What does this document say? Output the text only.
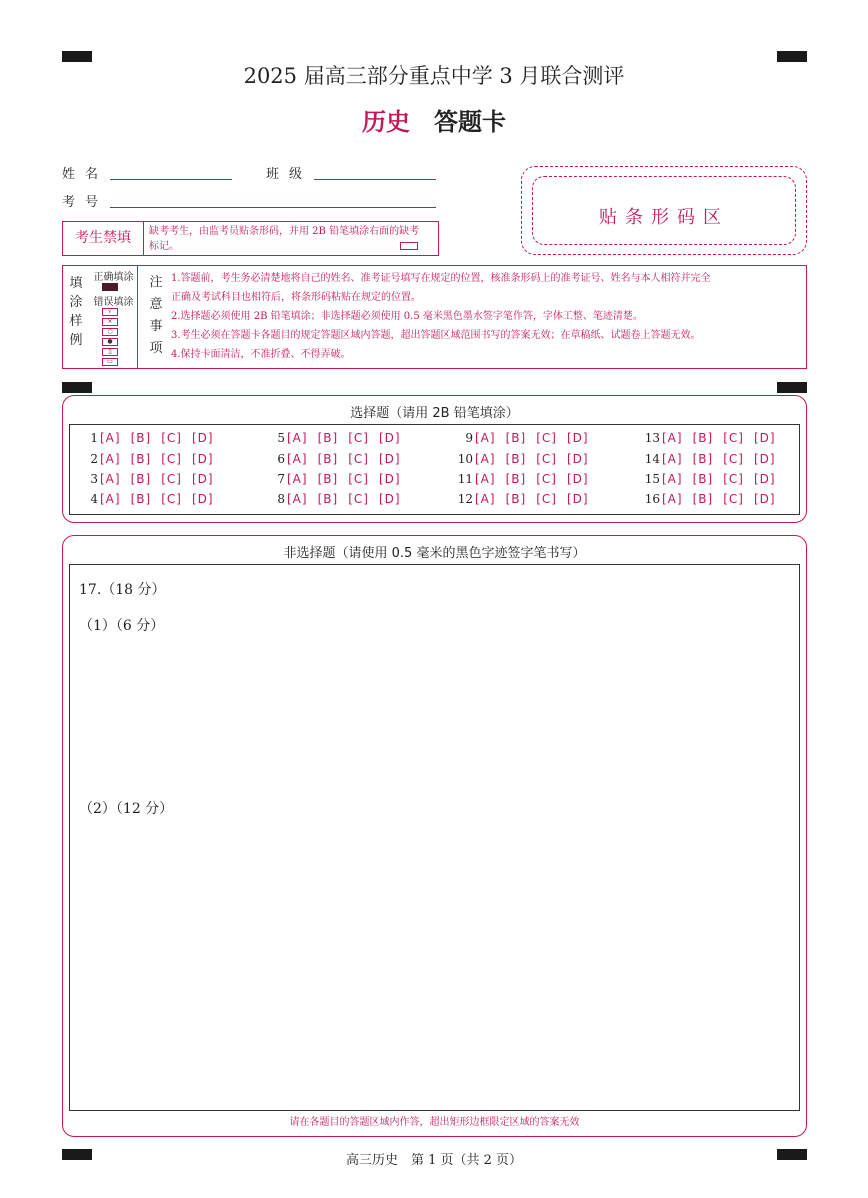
2025 届高三部分重点中学 3 月联合测评
历史 答题卡
姓名	班级
考号
贴条形码区
考生禁填	缺考考生，由监考员贴条形码，并用 2B 铅笔填涂右面的缺考标记。
填
涂
样
例
正确填涂
错误填涂
√
×
○
●
▯
▭
注
意
事
项
1.答题前，考生务必清楚地将自己的姓名、准考证号填写在规定的位置，核准条形码上的准考证号、姓名与本人相符并完全
正确及考试科目也相符后，将条形码粘贴在规定的位置。
2.选择题必须使用 2B 铅笔填涂；非选择题必须使用 0.5 毫米黑色墨水签字笔作答，字体工整、笔迹清楚。
3.考生必须在答题卡各题目的规定答题区域内答题，超出答题区域范围书写的答案无效；在草稿纸、试题卷上答题无效。
4.保持卡面清洁，不准折叠、不得弄破。
选择题（请用 2B 铅笔填涂）
1 [A] [B] [C] [D]
2 [A] [B] [C] [D]
3 [A] [B] [C] [D]
4 [A] [B] [C] [D]
5 [A] [B] [C] [D]
6 [A] [B] [C] [D]
7 [A] [B] [C] [D]
8 [A] [B] [C] [D]
9 [A] [B] [C] [D]
10 [A] [B] [C] [D]
11 [A] [B] [C] [D]
12 [A] [B] [C] [D]
13 [A] [B] [C] [D]
14 [A] [B] [C] [D]
15 [A] [B] [C] [D]
16 [A] [B] [C] [D]
非选择题（请使用 0.5 毫米的黑色字迹签字笔书写）
17.（18 分）
（1）（6 分）
（2）（12 分）
请在各题目的答题区域内作答，超出矩形边框限定区域的答案无效
高三历史　第 1 页（共 2 页）
